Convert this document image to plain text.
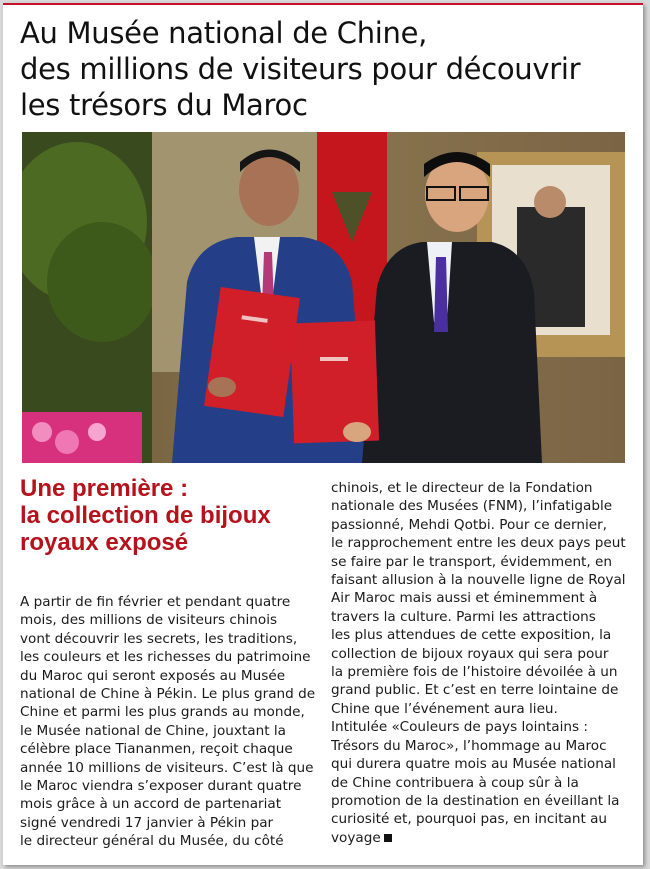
Au Musée national de Chine,
des millions de visiteurs pour découvrir
les trésors du Maroc
Une première :
la collection de bijoux
royaux exposé

A partir de fin février et pendant quatre
mois, des millions de visiteurs chinois
vont découvrir les secrets, les traditions,
les couleurs et les richesses du patrimoine
du Maroc qui seront exposés au Musée
national de Chine à Pékin. Le plus grand de
Chine et parmi les plus grands au monde,
le Musée national de Chine, jouxtant la
célèbre place Tiananmen, reçoit chaque
année 10 millions de visiteurs. C’est là que
le Maroc viendra s’exposer durant quatre
mois grâce à un accord de partenariat
signé vendredi 17 janvier à Pékin par
le directeur général du Musée, du côté

chinois, et le directeur de la Fondation
nationale des Musées (FNM), l’infatigable
passionné, Mehdi Qotbi. Pour ce dernier,
le rapprochement entre les deux pays peut
se faire par le transport, évidemment, en
faisant allusion à la nouvelle ligne de Royal
Air Maroc mais aussi et éminemment à
travers la culture. Parmi les attractions
les plus attendues de cette exposition, la
collection de bijoux royaux qui sera pour
la première fois de l’histoire dévoilée à un
grand public. Et c’est en terre lointaine de
Chine que l’événement aura lieu.
Intitulée «Couleurs de pays lointains :
Trésors du Maroc», l’hommage au Maroc
qui durera quatre mois au Musée national
de Chine contribuera à coup sûr à la
promotion de la destination en éveillant la
curiosité et, pourquoi pas, en incitant au
voyage
